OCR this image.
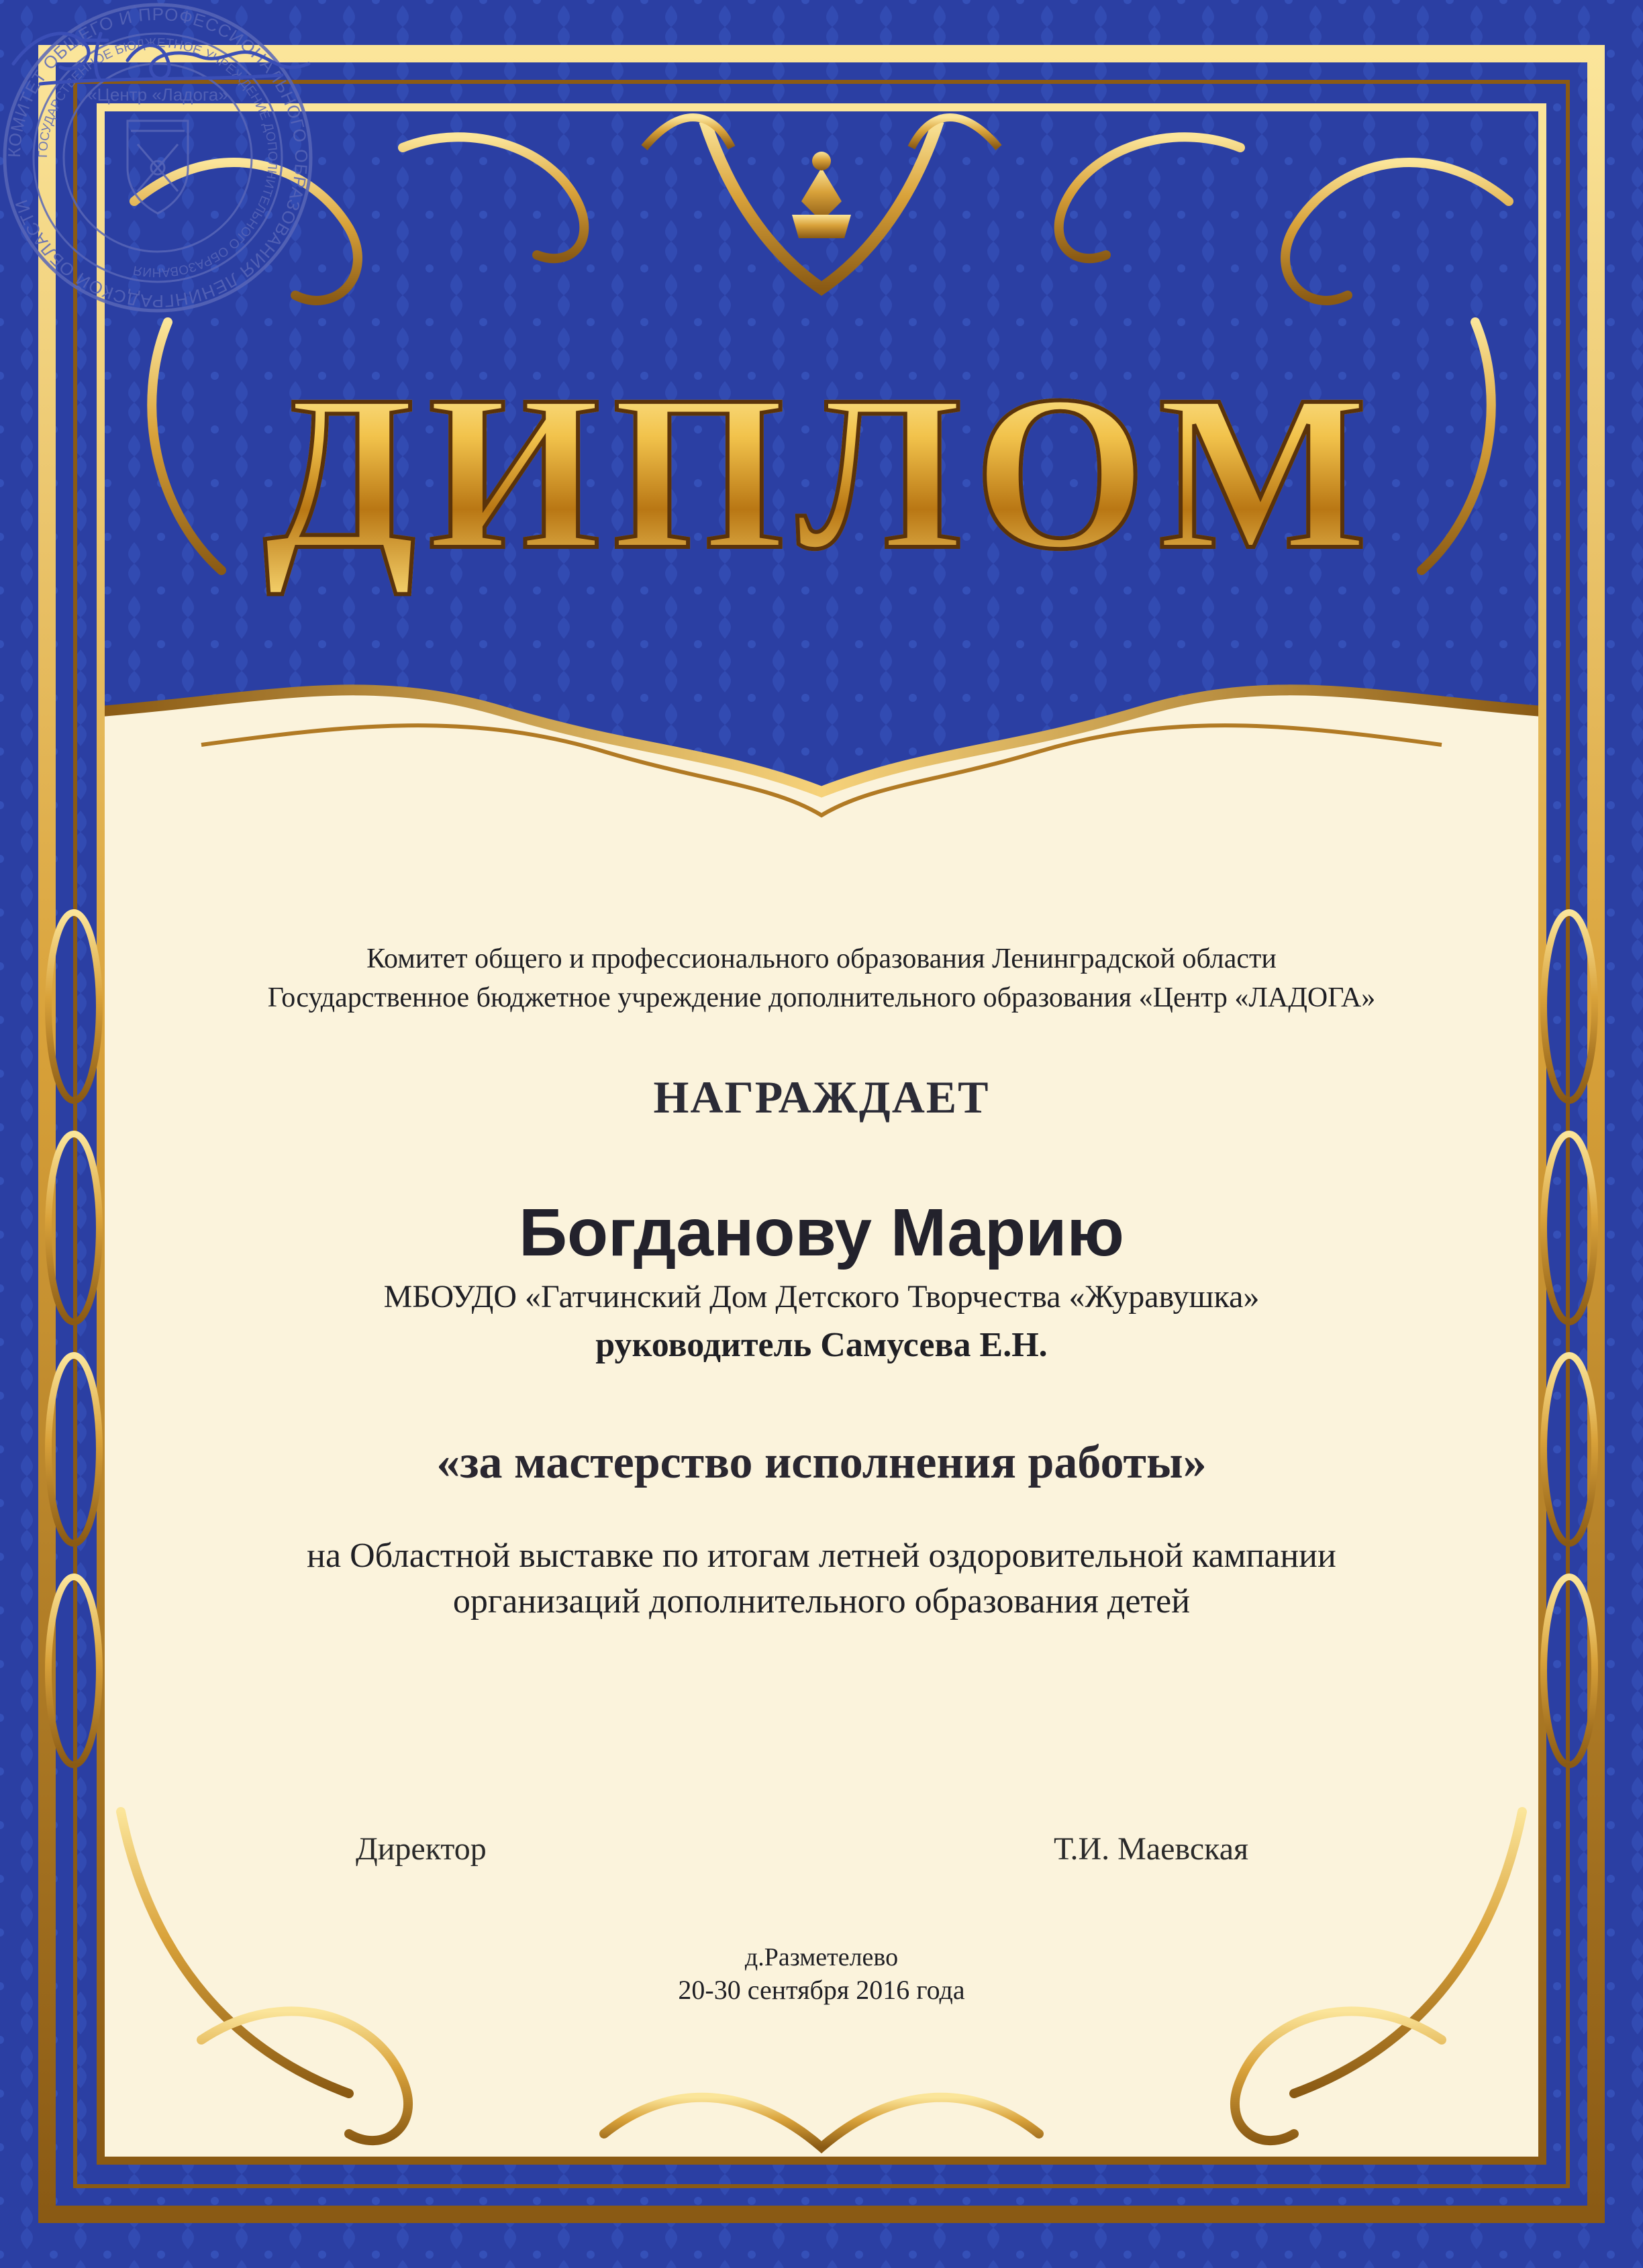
ДИПЛОМ
Комитет общего и профессионального образования Ленинградской области
Государственное бюджетное учреждение дополнительного образования «Центр «ЛАДОГА»
НАГРАЖДАЕТ
Богданову Марию
МБОУДО «Гатчинский Дом Детского Творчества «Журавушка»
руководитель Самусева Е.Н.
«за мастерство исполнения работы»
на Областной выставке по итогам летней оздоровительной кампании
организаций дополнительного образования детей
КОМИТЕТ ОБЩЕГО И ПРОФЕССИОНАЛЬНОГО ОБРАЗОВАНИЯ ЛЕНИНГРАДСКОЙ ОБЛАСТИ
ГОСУДАРСТВЕННОЕ БЮДЖЕТНОЕ УЧРЕЖДЕНИЕ ДОПОЛНИТЕЛЬНОГО ОБРАЗОВАНИЯ
«Центр «Ладога»
Директор	Т.И. Маевская
д.Разметелево
20-30 сентября 2016 года
